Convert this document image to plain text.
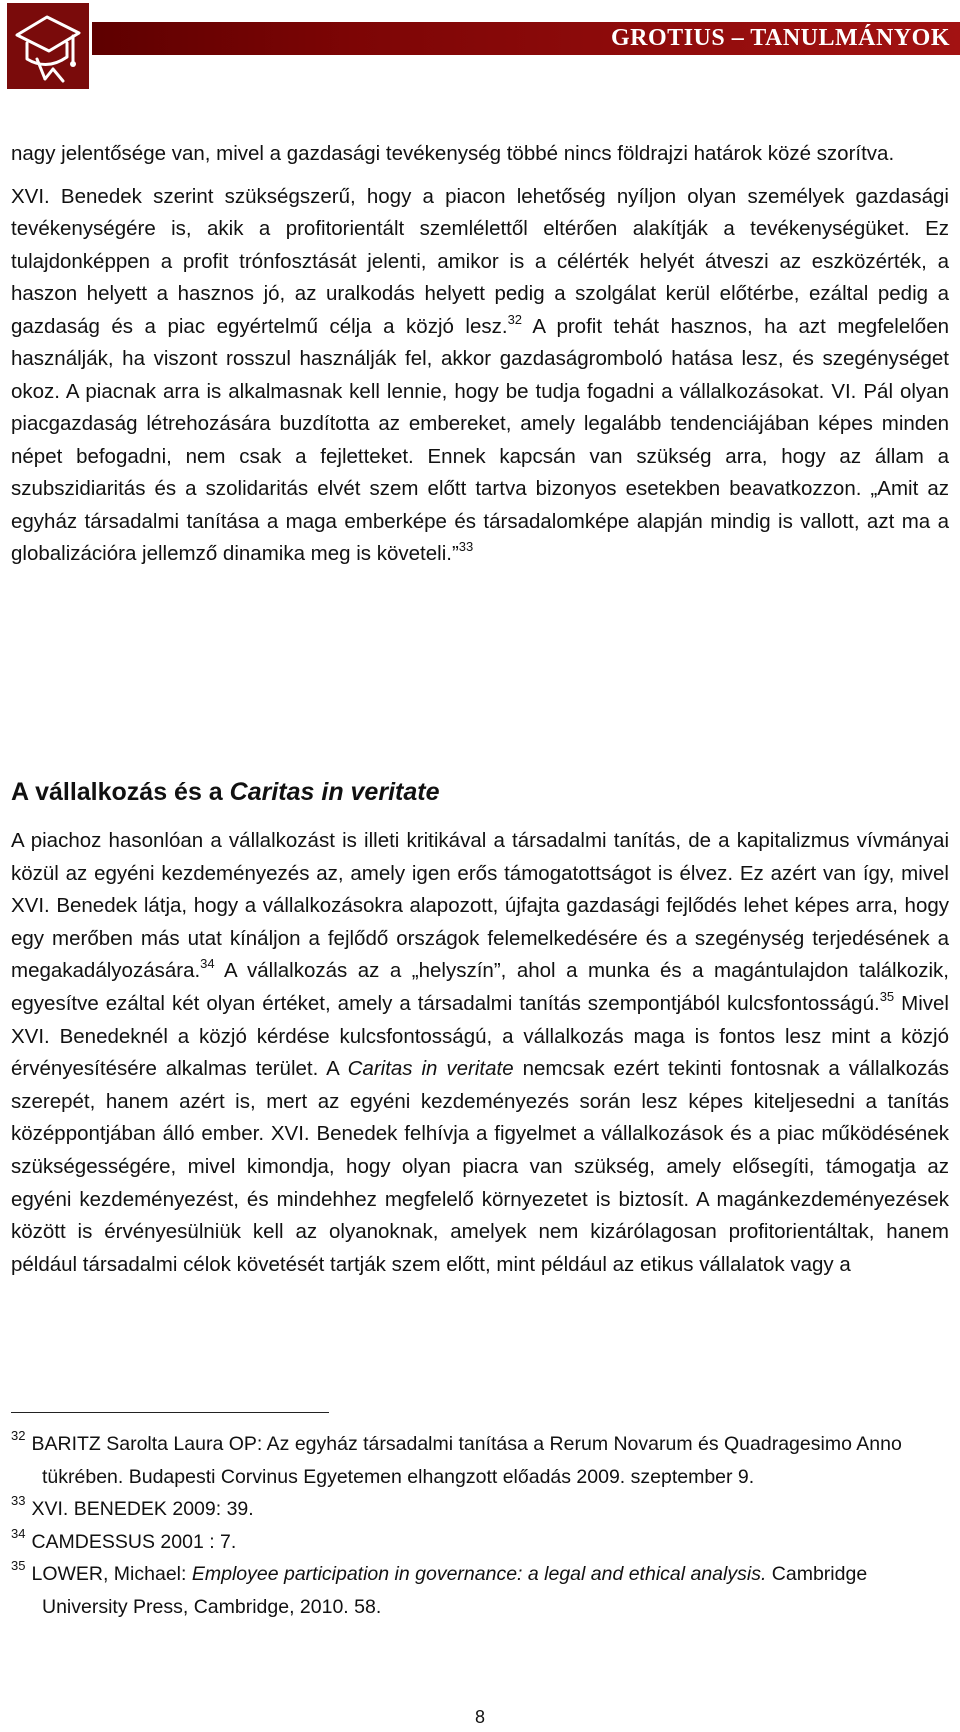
GROTIUS – TANULMÁNYOK

nagy jelentősége van, mivel a gazdasági tevékenység többé nincs földrajzi határok közé szorítva.

XVI. Benedek szerint szükségszerű, hogy a piacon lehetőség nyíljon olyan személyek gazdasági tevékenységére is, akik a profitorientált szemlélettől eltérően alakítják a tevékenységüket. Ez tulajdonképpen a profit trónfosztását jelenti, amikor is a célérték helyét átveszi az eszközérték, a haszon helyett a hasznos jó, az uralkodás helyett pedig a szolgálat kerül előtérbe, ezáltal pedig a gazdaság és a piac egyértelmű célja a közjó lesz.$^{32}$ A profit tehát hasznos, ha azt megfelelően használják, ha viszont rosszul használják fel, akkor gazdaságromboló hatása lesz, és szegénységet okoz. A piacnak arra is alkalmasnak kell lennie, hogy be tudja fogadni a vállalkozásokat. VI. Pál olyan piacgazdaság létrehozására buzdította az embereket, amely legalább tendenciájában képes minden népet befogadni, nem csak a fejletteket. Ennek kapcsán van szükség arra, hogy az állam a szubszidiaritás és a szolidaritás elvét szem előtt tartva bizonyos esetekben beavatkozzon. „Amit az egyház társadalmi tanítása a maga emberképe és társadalomképe alapján mindig is vallott, azt ma a globalizációra jellemző dinamika meg is követeli.”$^{33}$

A vállalkozás és a Caritas in veritate

A piachoz hasonlóan a vállalkozást is illeti kritikával a társadalmi tanítás, de a kapitalizmus vívmányai közül az egyéni kezdeményezés az, amely igen erős támogatottságot is élvez. Ez azért van így, mivel XVI. Benedek látja, hogy a vállalkozásokra alapozott, újfajta gazdasági fejlődés lehet képes arra, hogy egy merőben más utat kínáljon a fejlődő országok felemelkedésére és a szegénység terjedésének a megakadályozására.$^{34}$ A vállalkozás az a „helyszín”, ahol a munka és a magántulajdon találkozik, egyesítve ezáltal két olyan értéket, amely a társadalmi tanítás szempontjából kulcsfontosságú.$^{35}$ Mivel XVI. Benedeknél a közjó kérdése kulcsfontosságú, a vállalkozás maga is fontos lesz mint a közjó érvényesítésére alkalmas terület. A Caritas in veritate nemcsak ezért tekinti fontosnak a vállalkozás szerepét, hanem azért is, mert az egyéni kezdeményezés során lesz képes kiteljesedni a tanítás középpontjában álló ember. XVI. Benedek felhívja a figyelmet a vállalkozások és a piac működésének szükségességére, mivel kimondja, hogy olyan piacra van szükség, amely elősegíti, támogatja az egyéni kezdeményezést, és mindehhez megfelelő környezetet is biztosít. A magánkezdeményezések között is érvényesülniük kell az olyanoknak, amelyek nem kizárólagosan profitorientáltak, hanem például társadalmi célok követését tartják szem előtt, mint például az etikus vállalatok vagy a

$^{32}$ BARITZ Sarolta Laura OP: Az egyház társadalmi tanítása a Rerum Novarum és Quadragesimo Anno tükrében. Budapesti Corvinus Egyetemen elhangzott előadás 2009. szeptember 9.
$^{33}$ XVI. BENEDEK 2009: 39.
$^{34}$ CAMDESSUS 2001 : 7.
$^{35}$ LOWER, Michael: Employee participation in governance: a legal and ethical analysis. Cambridge University Press, Cambridge, 2010. 58.
8
